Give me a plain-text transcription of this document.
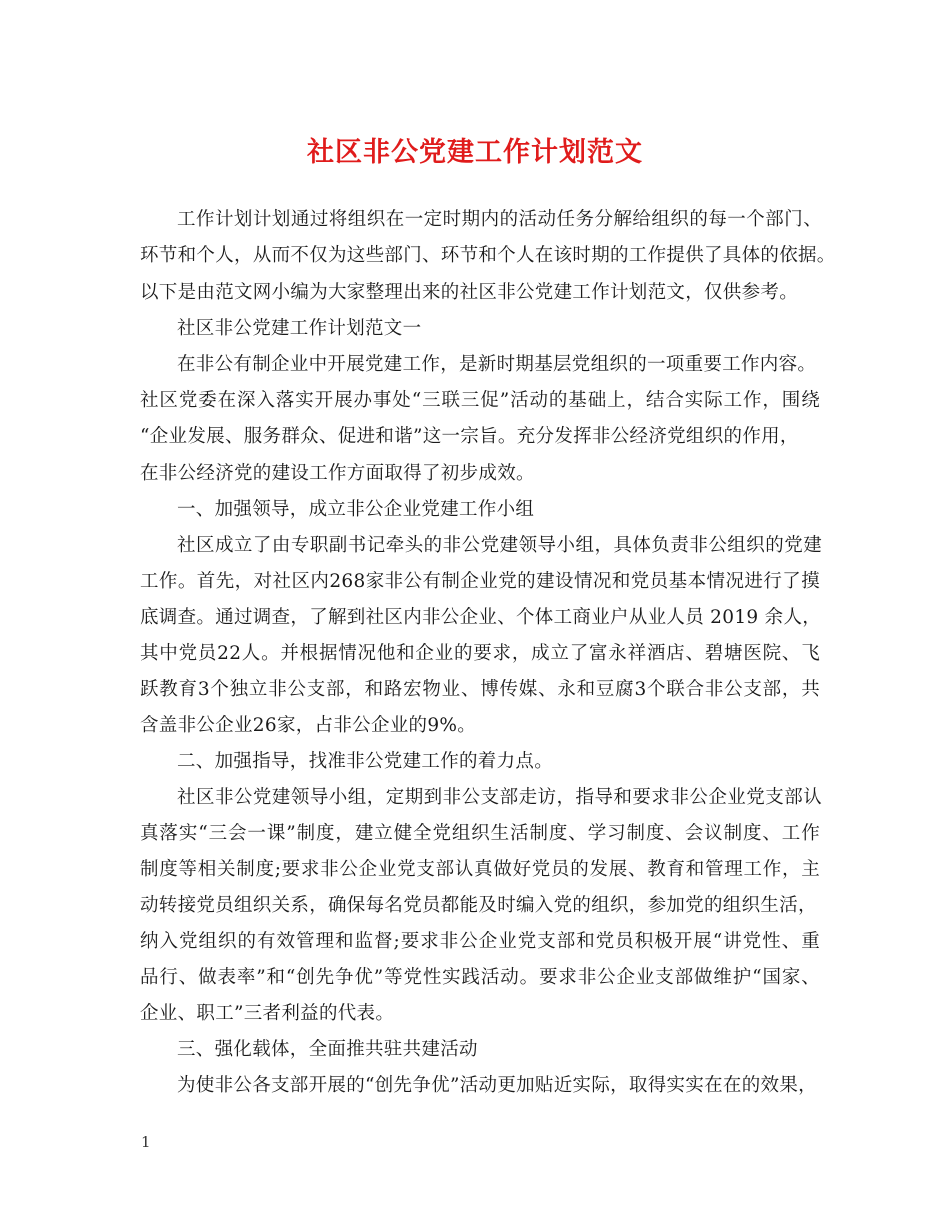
社区非公党建工作计划范文
工作计划计划通过将组织在一定时期内的活动任务分解给组织的每一个部门、
环节和个人，从而不仅为这些部门、环节和个人在该时期的工作提供了具体的依据。
以下是由范文网小编为大家整理出来的社区非公党建工作计划范文，仅供参考。
社区非公党建工作计划范文一
在非公有制企业中开展党建工作，是新时期基层党组织的一项重要工作内容。
社区党委在深入落实开展办事处“三联三促”活动的基础上，结合实际工作，围绕
“企业发展、服务群众、促进和谐”这一宗旨。充分发挥非公经济党组织的作用，
在非公经济党的建设工作方面取得了初步成效。
一、加强领导，成立非公企业党建工作小组
社区成立了由专职副书记牵头的非公党建领导小组，具体负责非公组织的党建
工作。首先，对社区内268家非公有制企业党的建设情况和党员基本情况进行了摸
底调查。通过调查，了解到社区内非公企业、个体工商业户从业人员 2019 余人，
其中党员22人。并根据情况他和企业的要求，成立了富永祥酒店、碧塘医院、飞
跃教育3个独立非公支部，和路宏物业、博传媒、永和豆腐3个联合非公支部，共
含盖非公企业26家，占非公企业的9%。
二、加强指导，找准非公党建工作的着力点。
社区非公党建领导小组，定期到非公支部走访，指导和要求非公企业党支部认
真落实“三会一课”制度，建立健全党组织生活制度、学习制度、会议制度、工作
制度等相关制度;要求非公企业党支部认真做好党员的发展、教育和管理工作，主
动转接党员组织关系，确保每名党员都能及时编入党的组织，参加党的组织生活，
纳入党组织的有效管理和监督;要求非公企业党支部和党员积极开展“讲党性、重
品行、做表率”和“创先争优”等党性实践活动。要求非公企业支部做维护“国家、
企业、职工”三者利益的代表。
三、强化载体，全面推共驻共建活动
为使非公各支部开展的“创先争优”活动更加贴近实际，取得实实在在的效果，
1
